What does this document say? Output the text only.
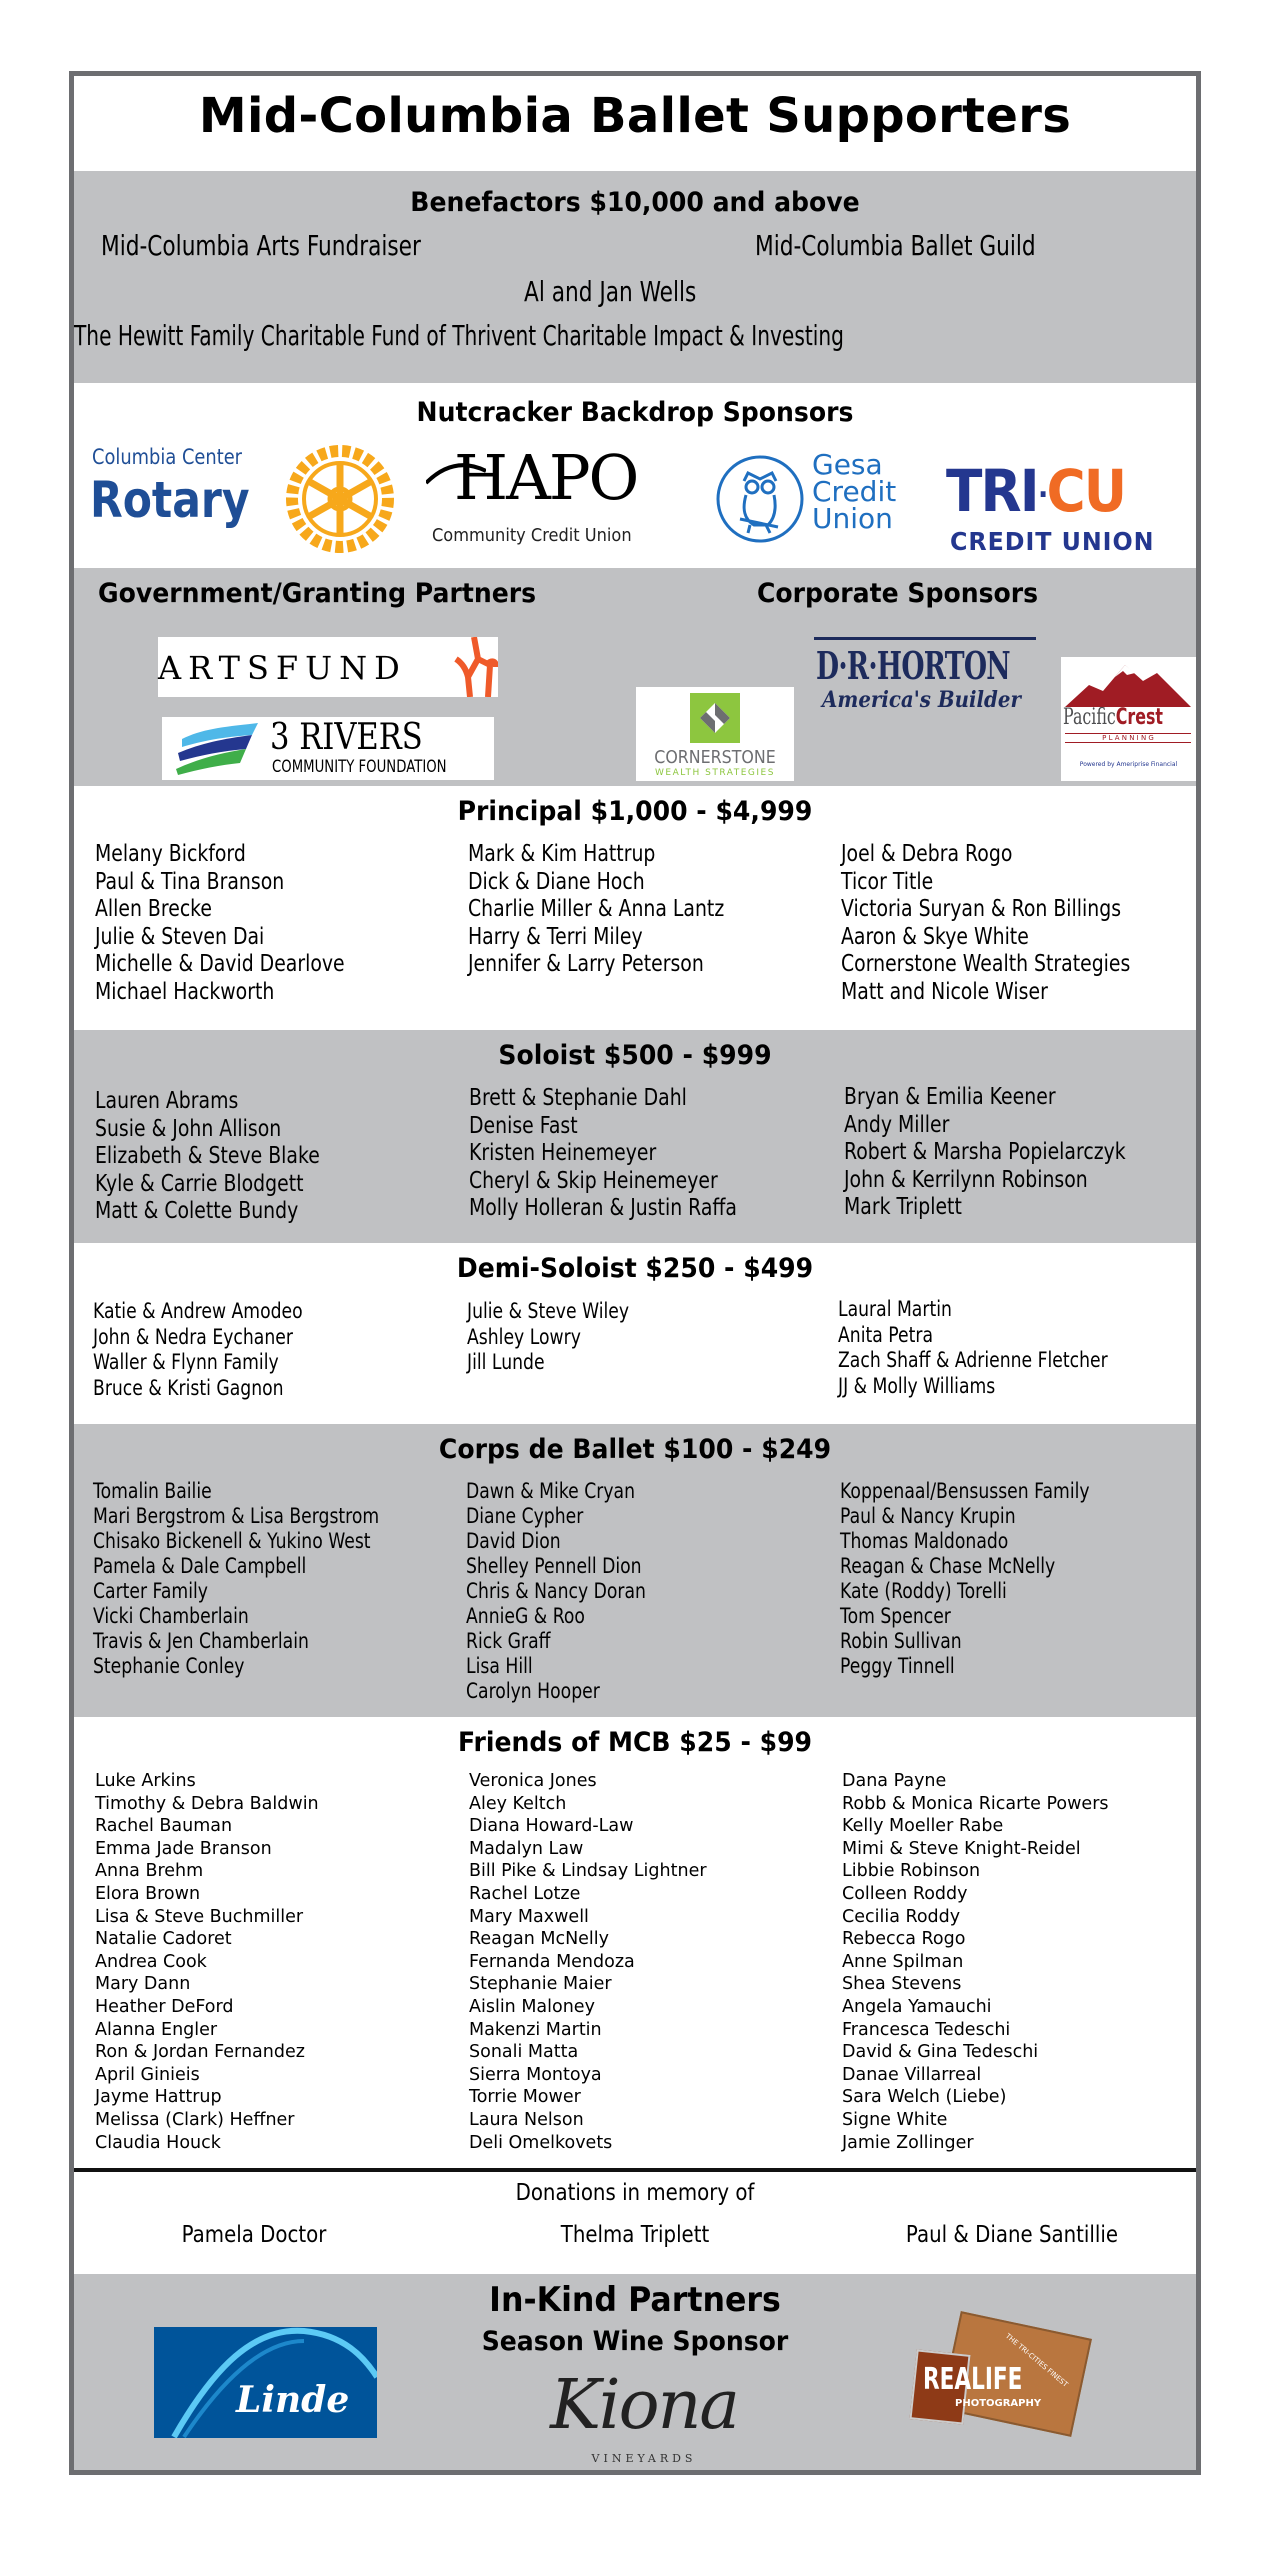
Mid-Columbia Ballet Supporters
Benefactors $10,000 and above
Mid-Columbia Arts Fundraiser	Mid-Columbia Ballet Guild
Al and Jan Wells
The Hewitt Family Charitable Fund of Thrivent Charitable Impact & Investing
Nutcracker Backdrop Sponsors
Columbia Center
Rotary	HAPO
Community Credit Union
Gesa
Credit
Union TRI·CU
CREDIT UNION
Government/Granting Partners	Corporate Sponsors
ARTSFUND
3 RIVERS
COMMUNITY FOUNDATION	CORNERSTONE
WEALTH STRATEGIES
D·R·HORTON
America's Builder
PacificCrest
P L A N N I N G
Powered by Ameriprise Financial
Principal $1,000 - $4,999
Melany Bickford
Paul & Tina Branson
Allen Brecke
Julie & Steven Dai
Michelle & David Dearlove
Michael Hackworth
Mark & Kim Hattrup
Dick & Diane Hoch
Charlie Miller & Anna Lantz
Harry & Terri Miley
Jennifer & Larry Peterson
Joel & Debra Rogo
Ticor Title
Victoria Suryan & Ron Billings
Aaron & Skye White
Cornerstone Wealth Strategies
Matt and Nicole Wiser
Soloist $500 - $999
Lauren Abrams
Susie & John Allison
Elizabeth & Steve Blake
Kyle & Carrie Blodgett
Matt & Colette Bundy
Brett & Stephanie Dahl
Denise Fast
Kristen Heinemeyer
Cheryl & Skip Heinemeyer
Molly Holleran & Justin Raffa
Bryan & Emilia Keener
Andy Miller
Robert & Marsha Popielarczyk
John & Kerrilynn Robinson
Mark Triplett
Demi-Soloist $250 - $499
Katie & Andrew Amodeo
John & Nedra Eychaner
Waller & Flynn Family
Bruce & Kristi Gagnon
Julie & Steve Wiley
Ashley Lowry
Jill Lunde
Laural Martin
Anita Petra
Zach Shaff & Adrienne Fletcher
JJ & Molly Williams
Corps de Ballet $100 - $249
Tomalin Bailie
Mari Bergstrom & Lisa Bergstrom
Chisako Bickenell & Yukino West
Pamela & Dale Campbell
Carter Family
Vicki Chamberlain
Travis & Jen Chamberlain
Stephanie Conley
Dawn & Mike Cryan
Diane Cypher
David Dion
Shelley Pennell Dion
Chris & Nancy Doran
AnnieG & Roo
Rick Graff
Lisa Hill
Carolyn Hooper
Koppenaal/Bensussen Family
Paul & Nancy Krupin
Thomas Maldonado
Reagan & Chase McNelly
Kate (Roddy) Torelli
Tom Spencer
Robin Sullivan
Peggy Tinnell
Friends of MCB $25 - $99
Luke Arkins
Timothy & Debra Baldwin
Rachel Bauman
Emma Jade Branson
Anna Brehm
Elora Brown
Lisa & Steve Buchmiller
Natalie Cadoret
Andrea Cook
Mary Dann
Heather DeFord
Alanna Engler
Ron & Jordan Fernandez
April Ginieis
Jayme Hattrup
Melissa (Clark) Heffner
Claudia Houck
Veronica Jones
Aley Keltch
Diana Howard-Law
Madalyn Law
Bill Pike & Lindsay Lightner
Rachel Lotze
Mary Maxwell
Reagan McNelly
Fernanda Mendoza
Stephanie Maier
Aislin Maloney
Makenzi Martin
Sonali Matta
Sierra Montoya
Torrie Mower
Laura Nelson
Deli Omelkovets
Dana Payne
Robb & Monica Ricarte Powers
Kelly Moeller Rabe
Mimi & Steve Knight-Reidel
Libbie Robinson
Colleen Roddy
Cecilia Roddy
Rebecca Rogo
Anne Spilman
Shea Stevens
Angela Yamauchi
Francesca Tedeschi
David & Gina Tedeschi
Danae Villarreal
Sara Welch (Liebe)
Signe White
Jamie Zollinger
Donations in memory of
Pamela Doctor	Thelma Triplett	Paul & Diane Santillie
In-Kind Partners
Season Wine Sponsor
Linde	Kiona
VINEYARDS
REALIFE
PHOTOGRAPHY
THE TRI-CITIES FINEST
